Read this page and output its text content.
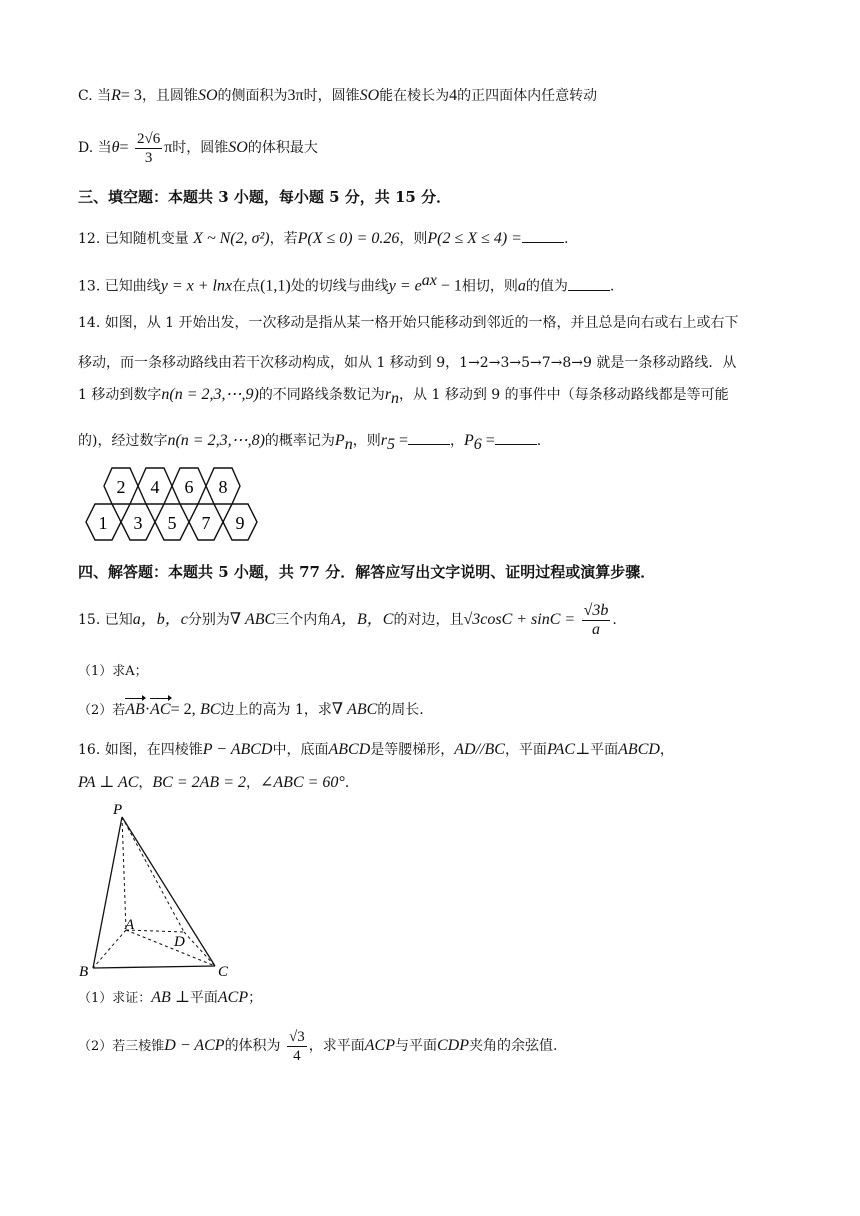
C. 当R= 3，且圆锥SO的侧面积为3π时，圆锥SO能在棱长为4的正四面体内任意转动
D. 当$\theta= \frac{2√6}{3}$ π时，圆锥SO的体积最大
三、填空题：本题共 3 小题，每小题 5 分，共 15 分．
12. 已知随机变量 X ~ N(2, σ²)，若P(X ≤ 0) = 0.26，则P(2 ≤ X ≤ 4) =	.
13. 已知曲线y = x + lnx在点(1,1)处的切线与曲线$y = e^{ax} - 1$相切，则a的值为	.
14. 如图，从 1 开始出发，一次移动是指从某一格开始只能移动到邻近的一格，并且总是向右或右上或右下
移动，而一条移动路线由若干次移动构成，如从 1 移动到 9，1→2→3→5→7→8→9 就是一条移动路线．从
1 移动到数字n(n = 2,3,⋯,9)的不同路线条数记为$r_n$，从 1 移动到 9 的事件中（每条移动路线都是等可能
的)，经过数字n(n = 2,3,⋯,8)的概率记为$P_n$，则$r_5$ =	，$P_6$ =	.
2 4 6 8
1 3 5 7 9
四、解答题：本题共 5 小题，共 77 分．解答应写出文字说明、证明过程或演算步骤．
15. 已知a，b，c分别为∇ ABC三个内角A，B，C的对边，且$√3\cos C + \sin C = \frac{√3b}{a}$ .
（1）求A；
（2）若AB·AC= 2, BC边上的高为 1，求∇ ABC的周长.
16. 如图，在四棱锥P − ABCD中，底面ABCD是等腰梯形，AD//BC，平面PAC⊥平面ABCD，
PA ⊥ AC，BC = 2AB = 2，∠ABC = 60°．
P
A
D
B	C
（1）求证：AB ⊥平面ACP；
（2）若三棱锥D − ACP的体积为 $\frac{√3}{4}$ ，求平面ACP与平面CDP夹角的余弦值.
